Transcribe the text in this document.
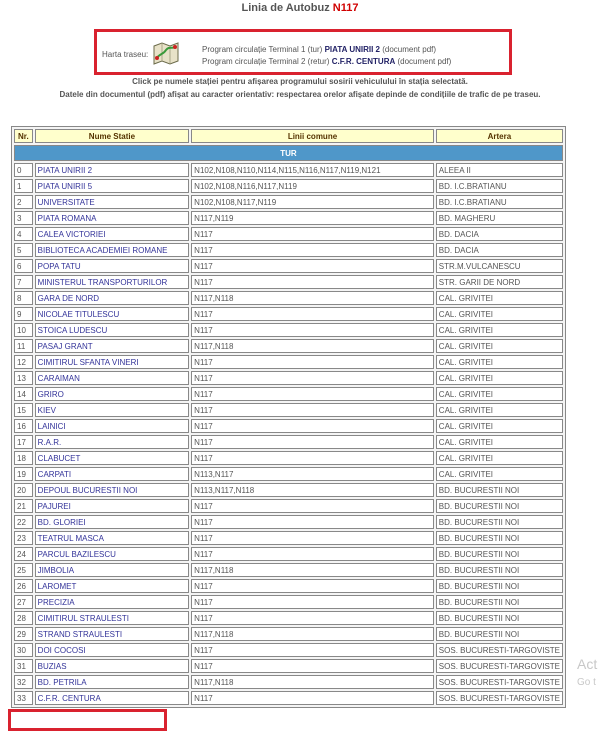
Linia de Autobuz N117
Harta traseu:
Program circulație Terminal 1 (tur) PIATA UNIRII 2 (document pdf)
Program circulație Terminal 2 (retur) C.F.R. CENTURA (document pdf)
Click pe numele stației pentru afișarea programului sosirii vehiculului în stația selectată.
Datele din documentul (pdf) afișat au caracter orientativ: respectarea orelor afișate depinde de condițiile de trafic de pe traseu.
Nr.	Nume Statie	Linii comune	Artera
TUR			
0	PIATA UNIRII 2	N102,N108,N110,N114,N115,N116,N117,N119,N121	ALEEA II
1	PIATA UNIRII 5	N102,N108,N116,N117,N119	BD. I.C.BRATIANU
2	UNIVERSITATE	N102,N108,N117,N119	BD. I.C.BRATIANU
3	PIATA ROMANA	N117,N119	BD. MAGHERU
4	CALEA VICTORIEI	N117	BD. DACIA
5	BIBLIOTECA ACADEMIEI ROMANE	N117	BD. DACIA
6	POPA TATU	N117	STR.M.VULCANESCU
7	MINISTERUL TRANSPORTURILOR	N117	STR. GARII DE NORD
8	GARA DE NORD	N117,N118	CAL. GRIVITEI
9	NICOLAE TITULESCU	N117	CAL. GRIVITEI
10	STOICA LUDESCU	N117	CAL. GRIVITEI
11	PASAJ GRANT	N117,N118	CAL. GRIVITEI
12	CIMITIRUL SFANTA VINERI	N117	CAL. GRIVITEI
13	CARAIMAN	N117	CAL. GRIVITEI
14	GRIRO	N117	CAL. GRIVITEI
15	KIEV	N117	CAL. GRIVITEI
16	LAINICI	N117	CAL. GRIVITEI
17	R.A.R.	N117	CAL. GRIVITEI
18	CLABUCET	N117	CAL. GRIVITEI
19	CARPATI	N113,N117	CAL. GRIVITEI
20	DEPOUL BUCURESTII NOI	N113,N117,N118	BD. BUCURESTII NOI
21	PAJUREI	N117	BD. BUCURESTII NOI
22	BD. GLORIEI	N117	BD. BUCURESTII NOI
23	TEATRUL MASCA	N117	BD. BUCURESTII NOI
24	PARCUL BAZILESCU	N117	BD. BUCURESTII NOI
25	JIMBOLIA	N117,N118	BD. BUCURESTII NOI
26	LAROMET	N117	BD. BUCURESTII NOI
27	PRECIZIA	N117	BD. BUCURESTII NOI
28	CIMITIRUL STRAULESTI	N117	BD. BUCURESTII NOI
29	STRAND STRAULESTI	N117,N118	BD. BUCURESTII NOI
30	DOI COCOSI	N117	SOS. BUCURESTI-TARGOVISTE
31	BUZIAS	N117	SOS. BUCURESTI-TARGOVISTE
32	BD. PETRILA	N117,N118	SOS. BUCURESTI-TARGOVISTE
33	C.F.R. CENTURA	N117	SOS. BUCURESTI-TARGOVISTE
Act
Go t
